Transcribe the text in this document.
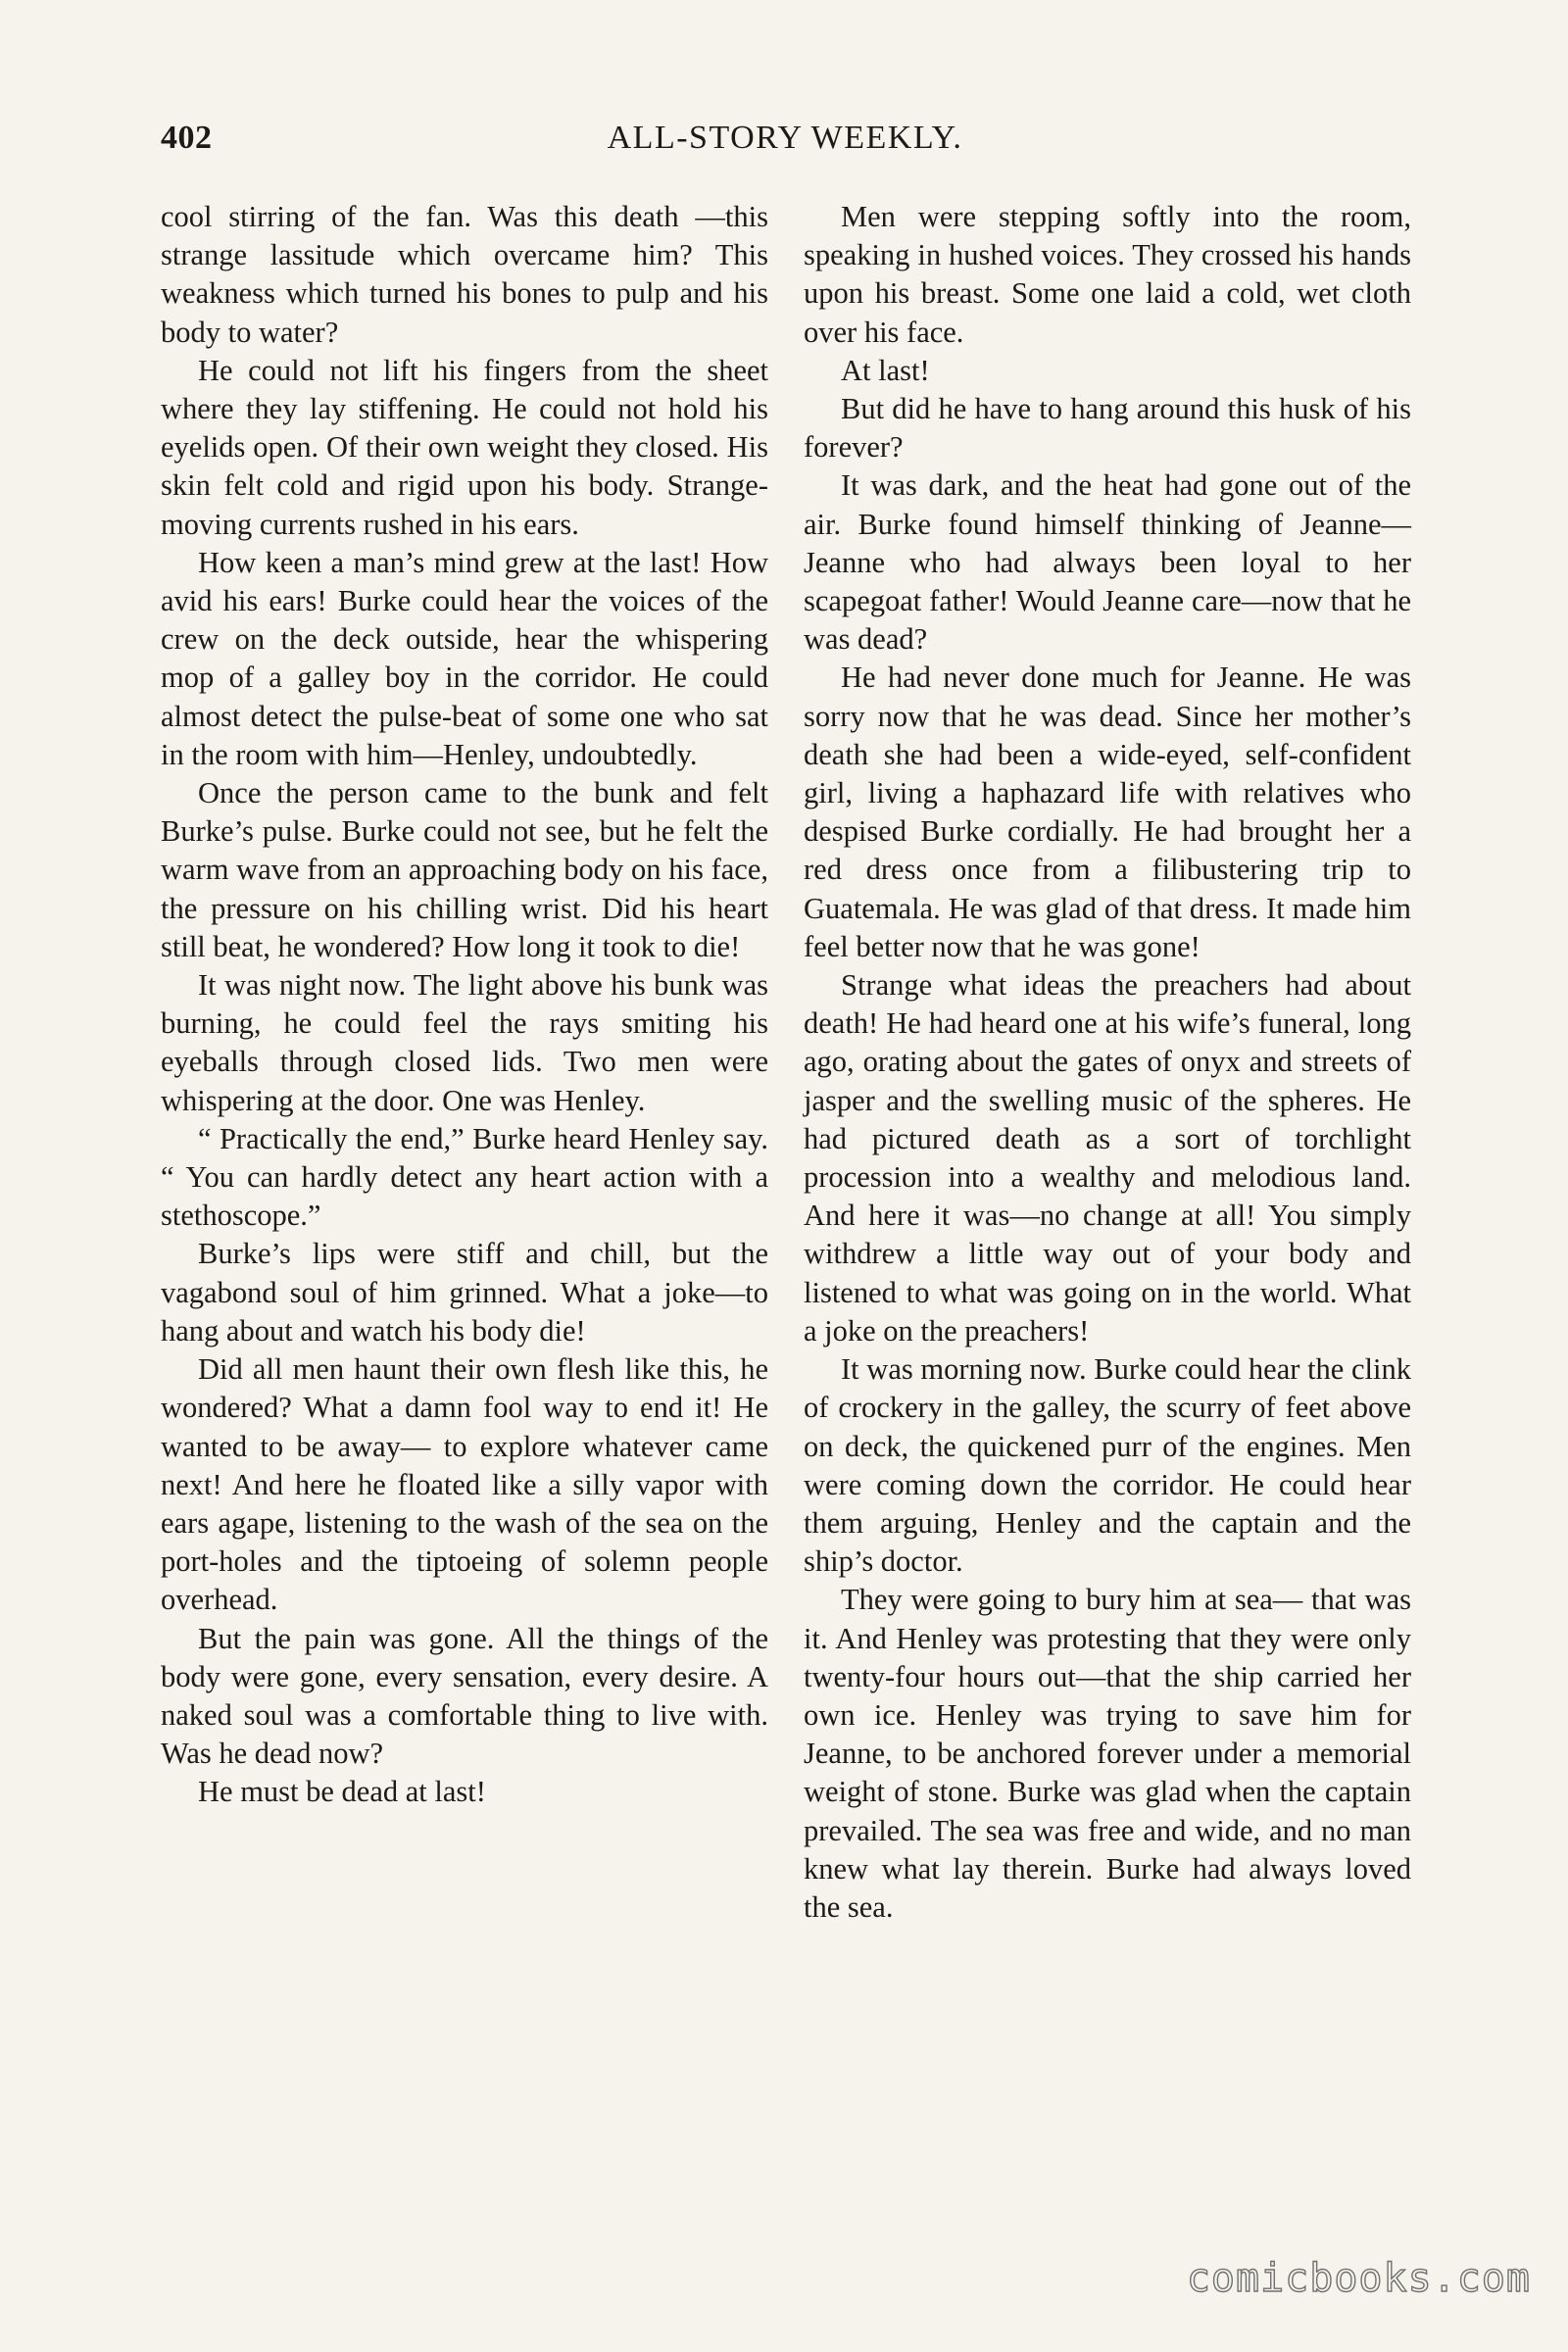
402	ALL-STORY WEEKLY.

cool stirring of the fan. Was this death —this strange lassitude which overcame him? This weakness which turned his bones to pulp and his body to water?

He could not lift his fingers from the sheet where they lay stiffening. He could not hold his eyelids open. Of their own weight they closed. His skin felt cold and rigid upon his body. Strange-moving currents rushed in his ears.

How keen a man’s mind grew at the last! How avid his ears! Burke could hear the voices of the crew on the deck outside, hear the whispering mop of a galley boy in the corridor. He could almost detect the pulse-beat of some one who sat in the room with him—Henley, undoubtedly.

Once the person came to the bunk and felt Burke’s pulse. Burke could not see, but he felt the warm wave from an approaching body on his face, the pressure on his chilling wrist. Did his heart still beat, he wondered? How long it took to die!

It was night now. The light above his bunk was burning, he could feel the rays smiting his eyeballs through closed lids. Two men were whispering at the door. One was Henley.

“ Practically the end,” Burke heard Henley say. “ You can hardly detect any heart action with a stethoscope.”

Burke’s lips were stiff and chill, but the vagabond soul of him grinned. What a joke—to hang about and watch his body die!

Did all men haunt their own flesh like this, he wondered? What a damn fool way to end it! He wanted to be away— to explore whatever came next! And here he floated like a silly vapor with ears agape, listening to the wash of the sea on the port-holes and the tiptoeing of solemn people overhead.

But the pain was gone. All the things of the body were gone, every sensation, every desire. A naked soul was a comfortable thing to live with. Was he dead now?

He must be dead at last!

Men were stepping softly into the room, speaking in hushed voices. They crossed his hands upon his breast. Some one laid a cold, wet cloth over his face.

At last!

But did he have to hang around this husk of his forever?

It was dark, and the heat had gone out of the air. Burke found himself thinking of Jeanne—Jeanne who had always been loyal to her scapegoat father! Would Jeanne care—now that he was dead?

He had never done much for Jeanne. He was sorry now that he was dead. Since her mother’s death she had been a wide-eyed, self-confident girl, living a haphazard life with relatives who despised Burke cordially. He had brought her a red dress once from a filibustering trip to Guatemala. He was glad of that dress. It made him feel better now that he was gone!

Strange what ideas the preachers had about death! He had heard one at his wife’s funeral, long ago, orating about the gates of onyx and streets of jasper and the swelling music of the spheres. He had pictured death as a sort of torchlight procession into a wealthy and melodious land. And here it was—no change at all! You simply withdrew a little way out of your body and listened to what was going on in the world. What a joke on the preachers!

It was morning now. Burke could hear the clink of crockery in the galley, the scurry of feet above on deck, the quickened purr of the engines. Men were coming down the corridor. He could hear them arguing, Henley and the captain and the ship’s doctor.

They were going to bury him at sea— that was it. And Henley was protesting that they were only twenty-four hours out—that the ship carried her own ice. Henley was trying to save him for Jeanne, to be anchored forever under a memorial weight of stone. Burke was glad when the captain prevailed. The sea was free and wide, and no man knew what lay therein. Burke had always loved the sea.

comicbooks.com
